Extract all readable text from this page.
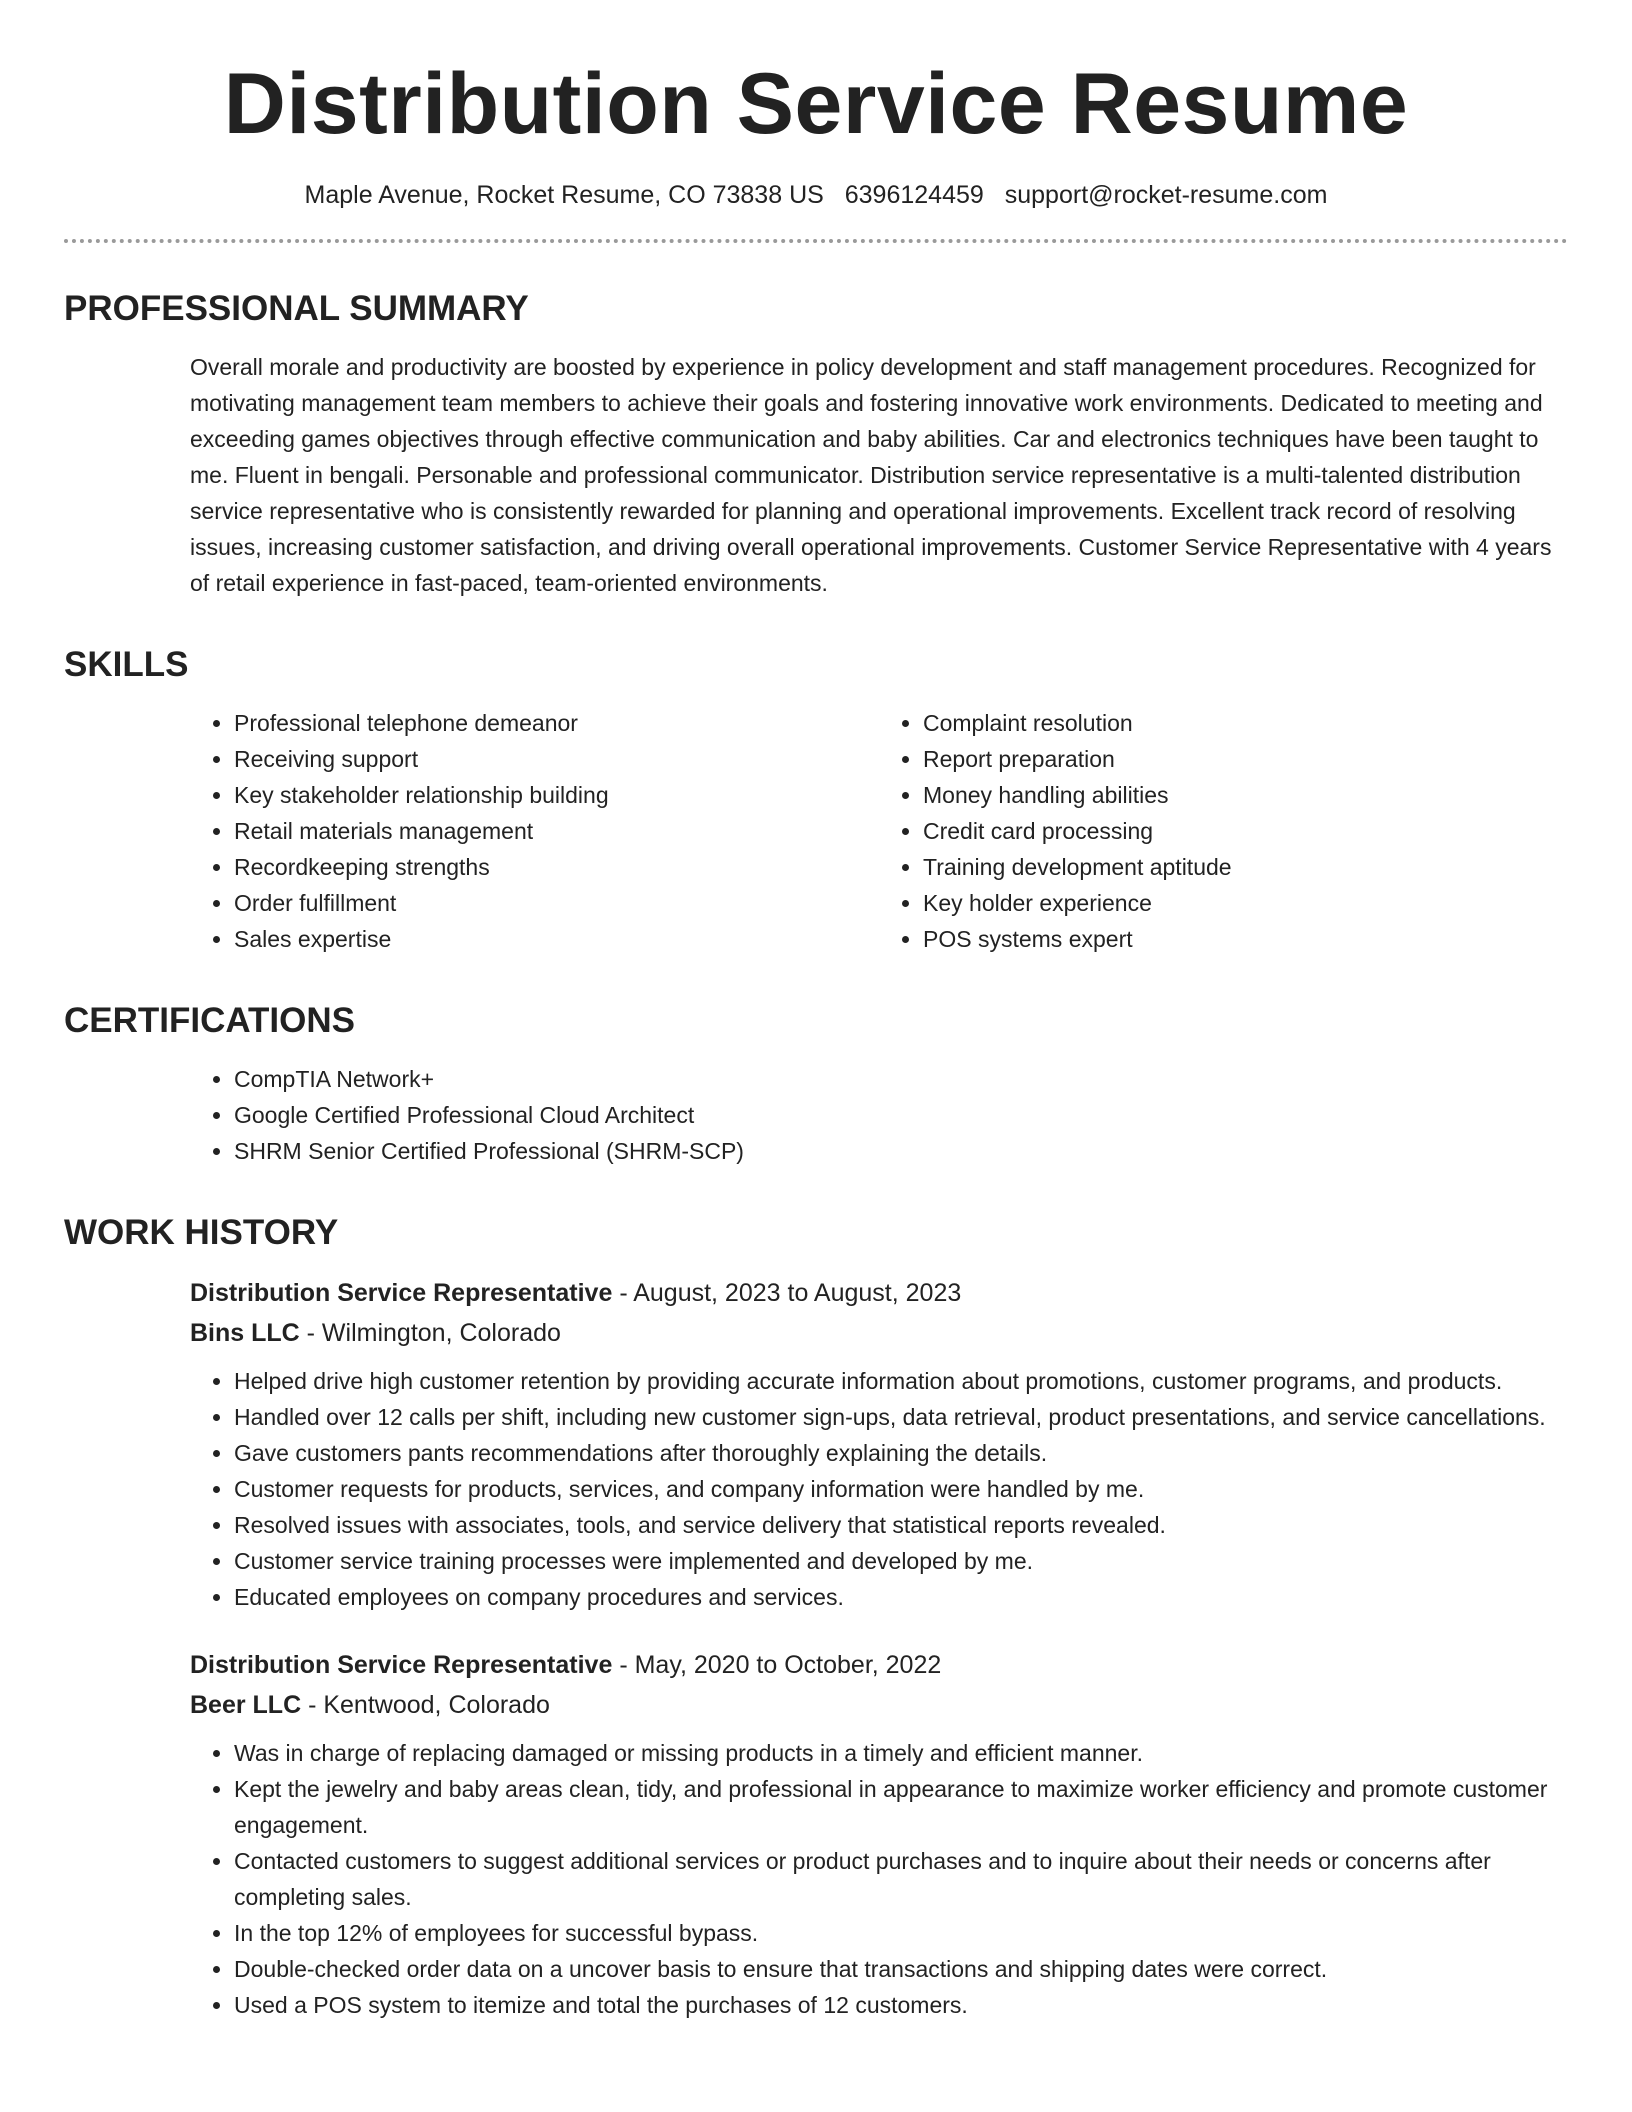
Distribution Service Resume
Maple Avenue, Rocket Resume, CO 73838 US 6396124459 support@rocket-resume.com
PROFESSIONAL SUMMARY

Overall morale and productivity are boosted by experience in policy development and staff management procedures. Recognized for motivating management team members to achieve their goals and fostering innovative work environments. Dedicated to meeting and exceeding games objectives through effective communication and baby abilities. Car and electronics techniques have been taught to me. Fluent in bengali. Personable and professional communicator. Distribution service representative is a multi-talented distribution service representative who is consistently rewarded for planning and operational improvements. Excellent track record of resolving issues, increasing customer satisfaction, and driving overall operational improvements. Customer Service Representative with 4 years of retail experience in fast-paced, team-oriented environments.

SKILLS
• Professional telephone demeanor
• Receiving support
• Key stakeholder relationship building
• Retail materials management
• Recordkeeping strengths
• Order fulfillment
• Sales expertise
• Complaint resolution
• Report preparation
• Money handling abilities
• Credit card processing
• Training development aptitude
• Key holder experience
• POS systems expert
CERTIFICATIONS
• CompTIA Network+
• Google Certified Professional Cloud Architect
• SHRM Senior Certified Professional (SHRM-SCP)
WORK HISTORY
Distribution Service Representative - August, 2023 to August, 2023
Bins LLC - Wilmington, Colorado
• Helped drive high customer retention by providing accurate information about promotions, customer programs, and products.
• Handled over 12 calls per shift, including new customer sign-ups, data retrieval, product presentations, and service cancellations.
• Gave customers pants recommendations after thoroughly explaining the details.
• Customer requests for products, services, and company information were handled by me.
• Resolved issues with associates, tools, and service delivery that statistical reports revealed.
• Customer service training processes were implemented and developed by me.
• Educated employees on company procedures and services.
Distribution Service Representative - May, 2020 to October, 2022
Beer LLC - Kentwood, Colorado
• Was in charge of replacing damaged or missing products in a timely and efficient manner.
• Kept the jewelry and baby areas clean, tidy, and professional in appearance to maximize worker efficiency and promote customer engagement.
• Contacted customers to suggest additional services or product purchases and to inquire about their needs or concerns after completing sales.
• In the top 12% of employees for successful bypass.
• Double-checked order data on a uncover basis to ensure that transactions and shipping dates were correct.
• Used a POS system to itemize and total the purchases of 12 customers.
